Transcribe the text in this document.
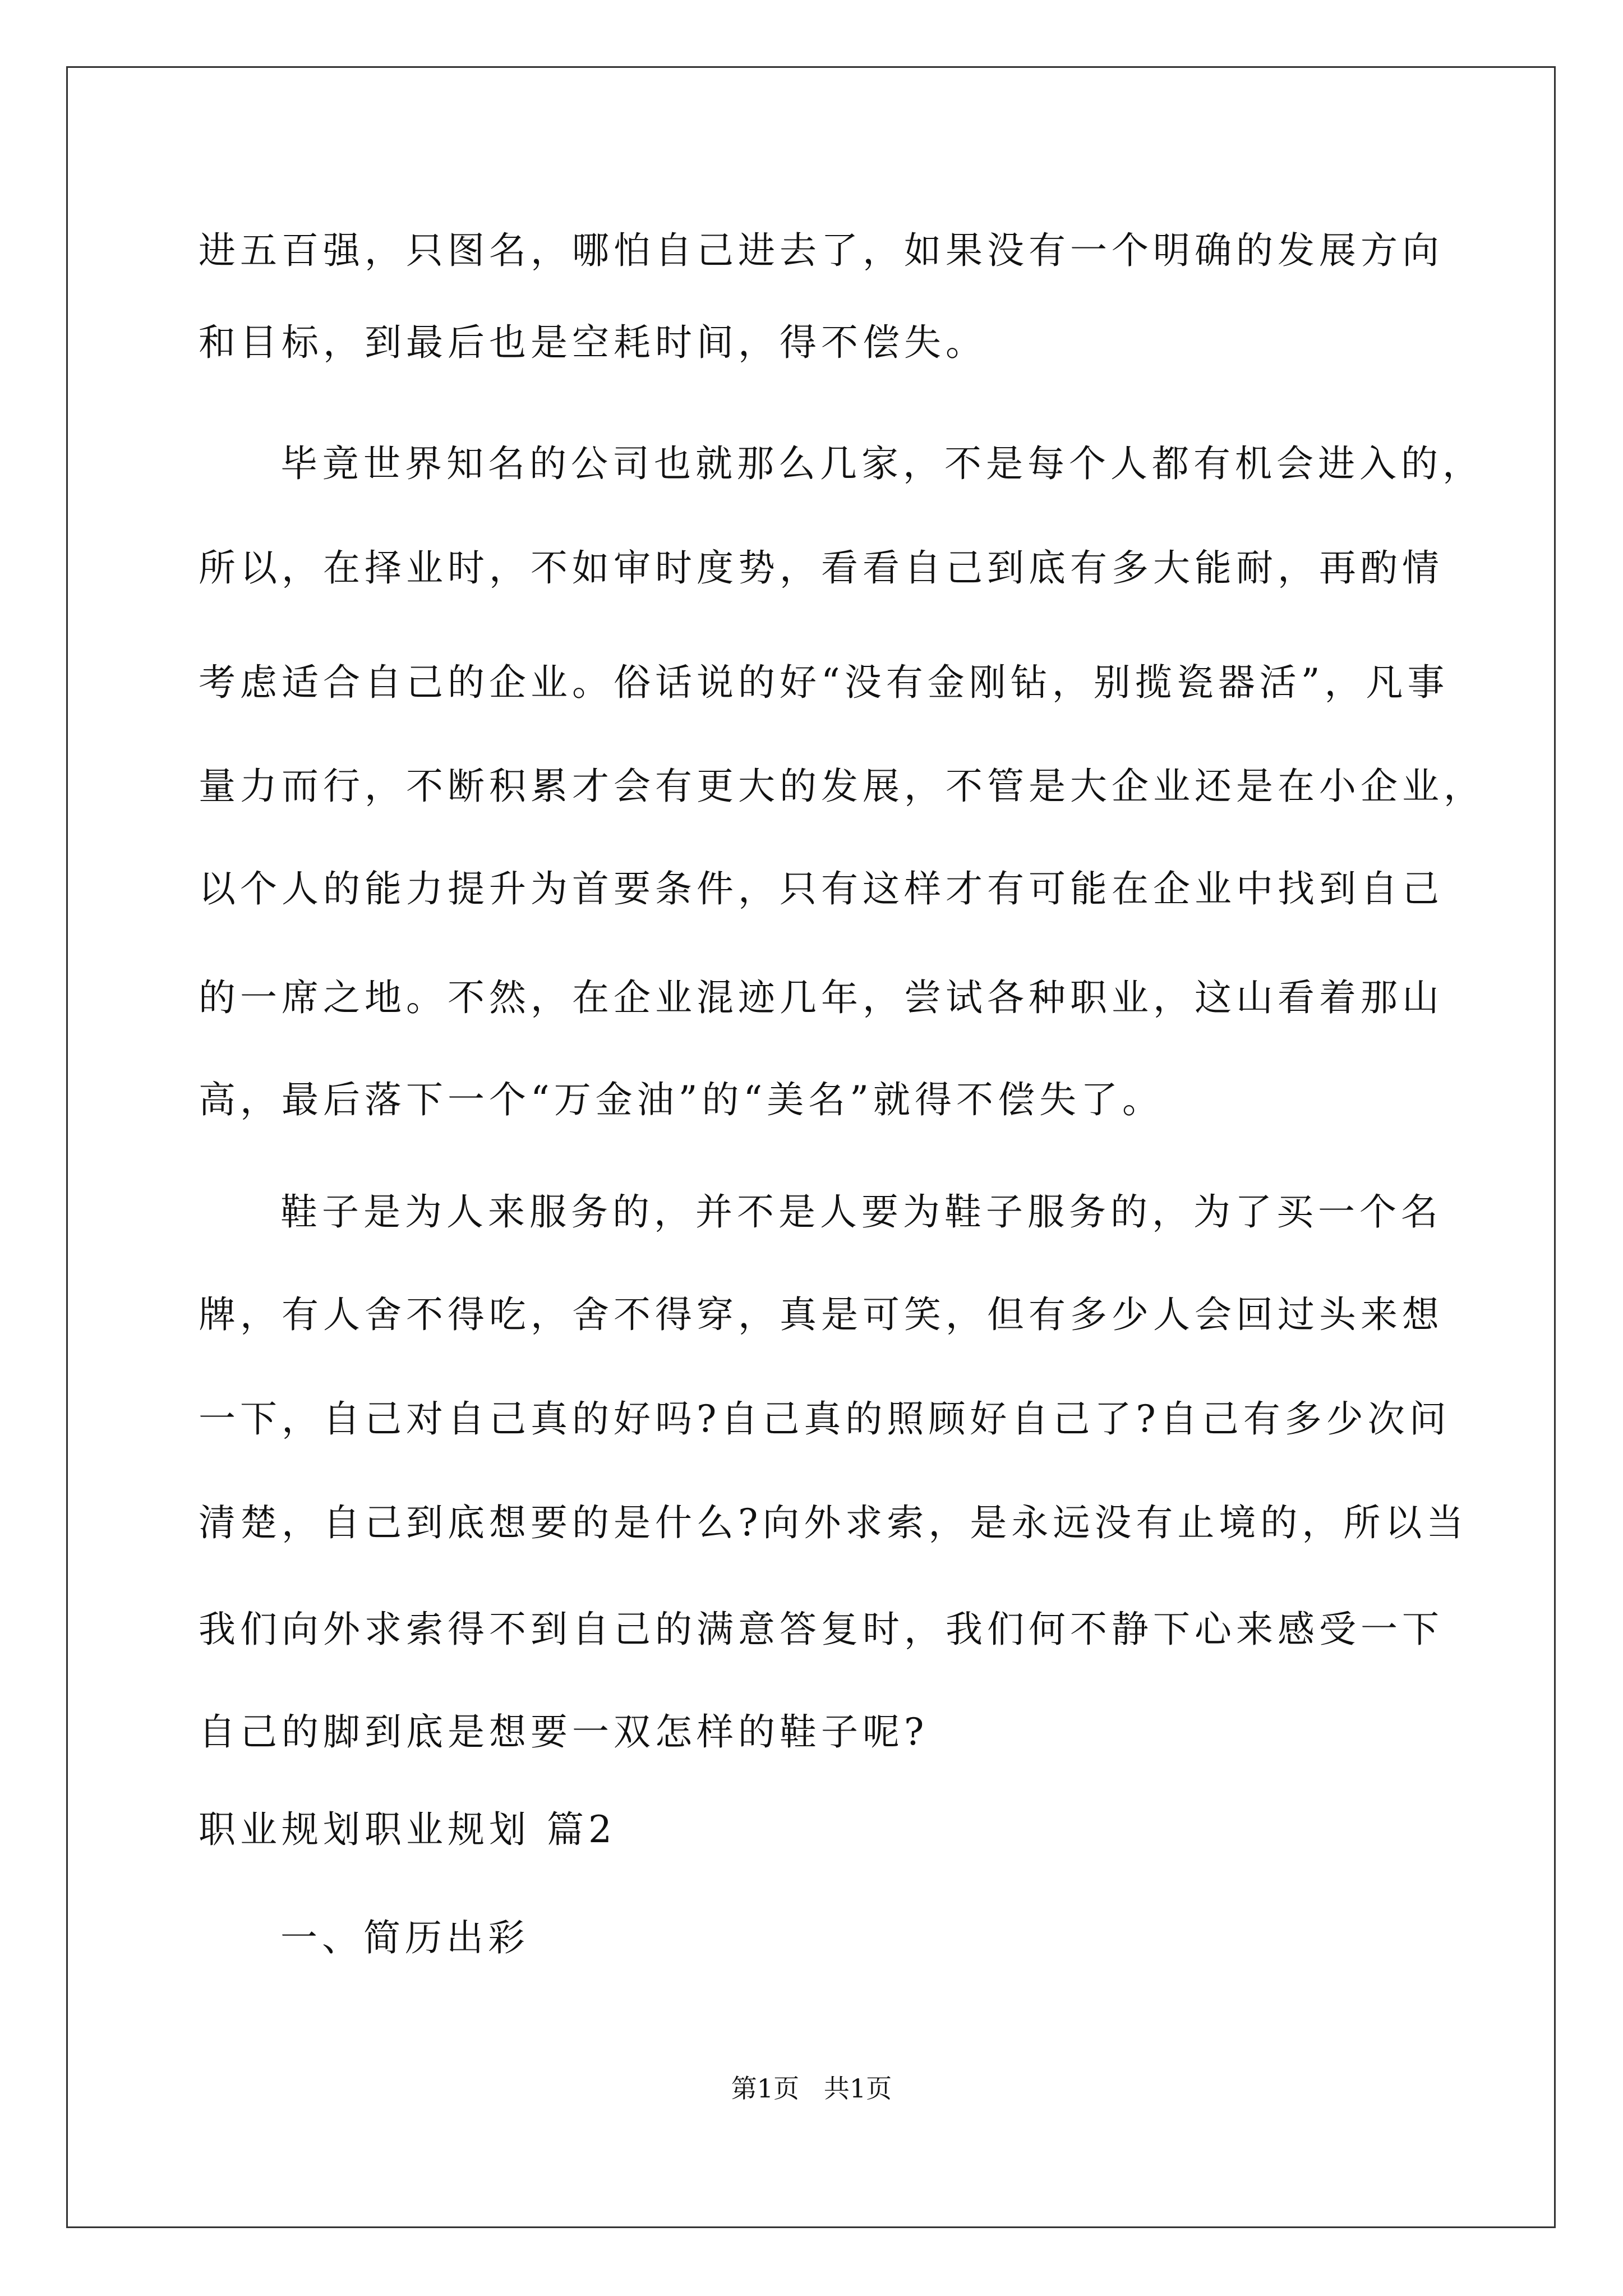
进五百强，只图名，哪怕自己进去了，如果没有一个明确的发展方向
和目标，到最后也是空耗时间，得不偿失。
毕竟世界知名的公司也就那么几家，不是每个人都有机会进入的，
所以，在择业时，不如审时度势，看看自己到底有多大能耐，再酌情
考虑适合自己的企业。俗话说的好“没有金刚钻，别揽瓷器活”，凡事
量力而行，不断积累才会有更大的发展，不管是大企业还是在小企业，
以个人的能力提升为首要条件，只有这样才有可能在企业中找到自己
的一席之地。不然，在企业混迹几年，尝试各种职业，这山看着那山
高，最后落下一个“万金油”的“美名”就得不偿失了。
鞋子是为人来服务的，并不是人要为鞋子服务的，为了买一个名
牌，有人舍不得吃，舍不得穿，真是可笑，但有多少人会回过头来想
一下，自己对自己真的好吗?自己真的照顾好自己了?自己有多少次问
清楚，自己到底想要的是什么?向外求索，是永远没有止境的，所以当
我们向外求索得不到自己的满意答复时，我们何不静下心来感受一下
自己的脚到底是想要一双怎样的鞋子呢?
职业规划职业规划 篇2
一、简历出彩
第1页   共1页
